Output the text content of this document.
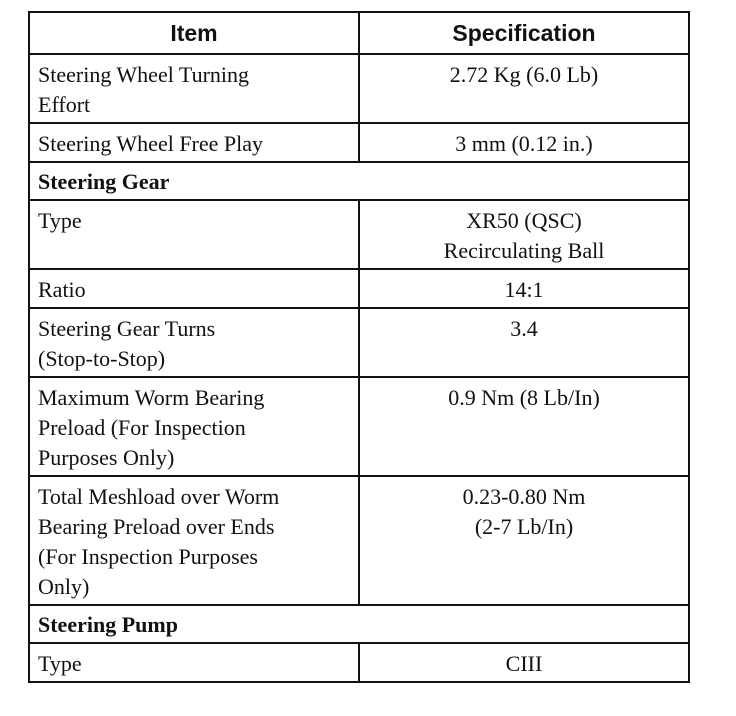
Item	Specification

Steering Wheel Turning
Effort	2.72 Kg (6.0 Lb)

Steering Wheel Free Play	3 mm (0.12 in.)

Steering Gear	

Type	XR50 (QSC)
Recirculating Ball

Ratio	14:1

Steering Gear Turns
(Stop-to-Stop)	3.4

Maximum Worm Bearing
Preload (For Inspection
Purposes Only)	0.9 Nm (8 Lb/In)

Total Meshload over Worm
Bearing Preload over Ends
(For Inspection Purposes
Only)	0.23-0.80 Nm
(2-7 Lb/In)

Steering Pump	

Type	CIII
